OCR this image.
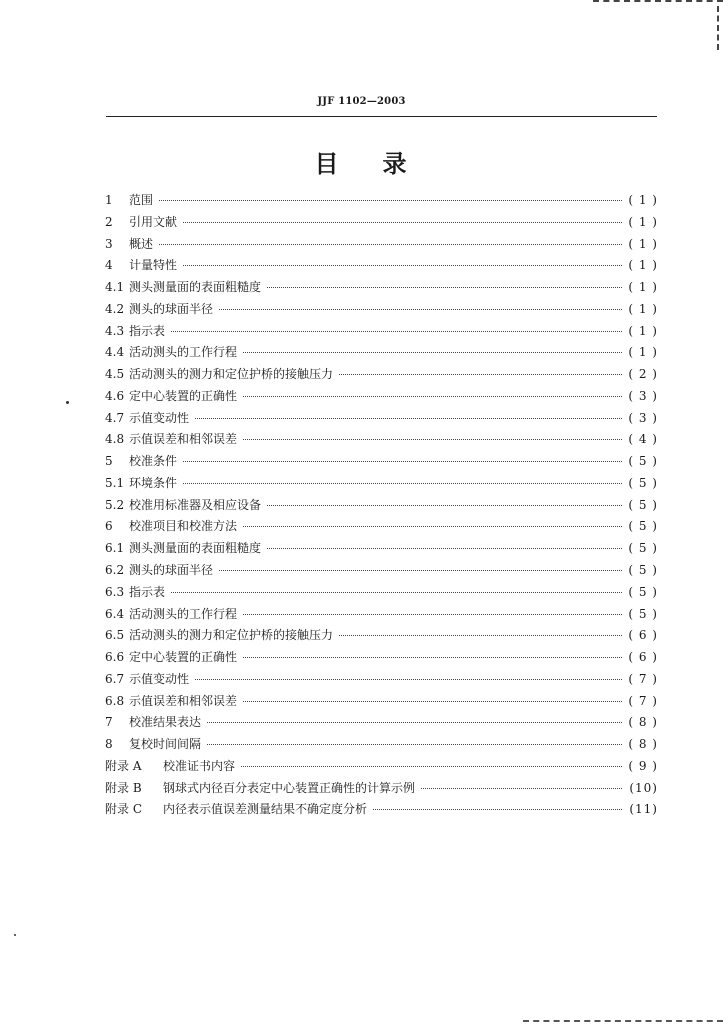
JJF 1102—2003
目 录
1	范围	( 1 )
2	引用文献	( 1 )
3	概述	( 1 )
4	计量特性	( 1 )
4.1 测头测量面的表面粗糙度	( 1 )
4.2 测头的球面半径	( 1 )
4.3 指示表	( 1 )
4.4 活动测头的工作行程	( 1 )
4.5 活动测头的测力和定位护桥的接触压力	( 2 )
4.6 定中心装置的正确性	( 3 )
4.7 示值变动性	( 3 )
4.8 示值误差和相邻误差	( 4 )
5	校准条件	( 5 )
5.1 环境条件	( 5 )
5.2 校准用标准器及相应设备	( 5 )
6	校准项目和校准方法	( 5 )
6.1 测头测量面的表面粗糙度	( 5 )
6.2 测头的球面半径	( 5 )
6.3 指示表	( 5 )
6.4 活动测头的工作行程	( 5 )
6.5 活动测头的测力和定位护桥的接触压力	( 6 )
6.6 定中心装置的正确性	( 6 )
6.7 示值变动性	( 7 )
6.8 示值误差和相邻误差	( 7 )
7	校准结果表达	( 8 )
8	复校时间间隔	( 8 )
附录 A	校准证书内容	( 9 )
附录 B	钢球式内径百分表定中心装置正确性的计算示例	(10)
附录 C	内径表示值误差测量结果不确定度分析	(11)
